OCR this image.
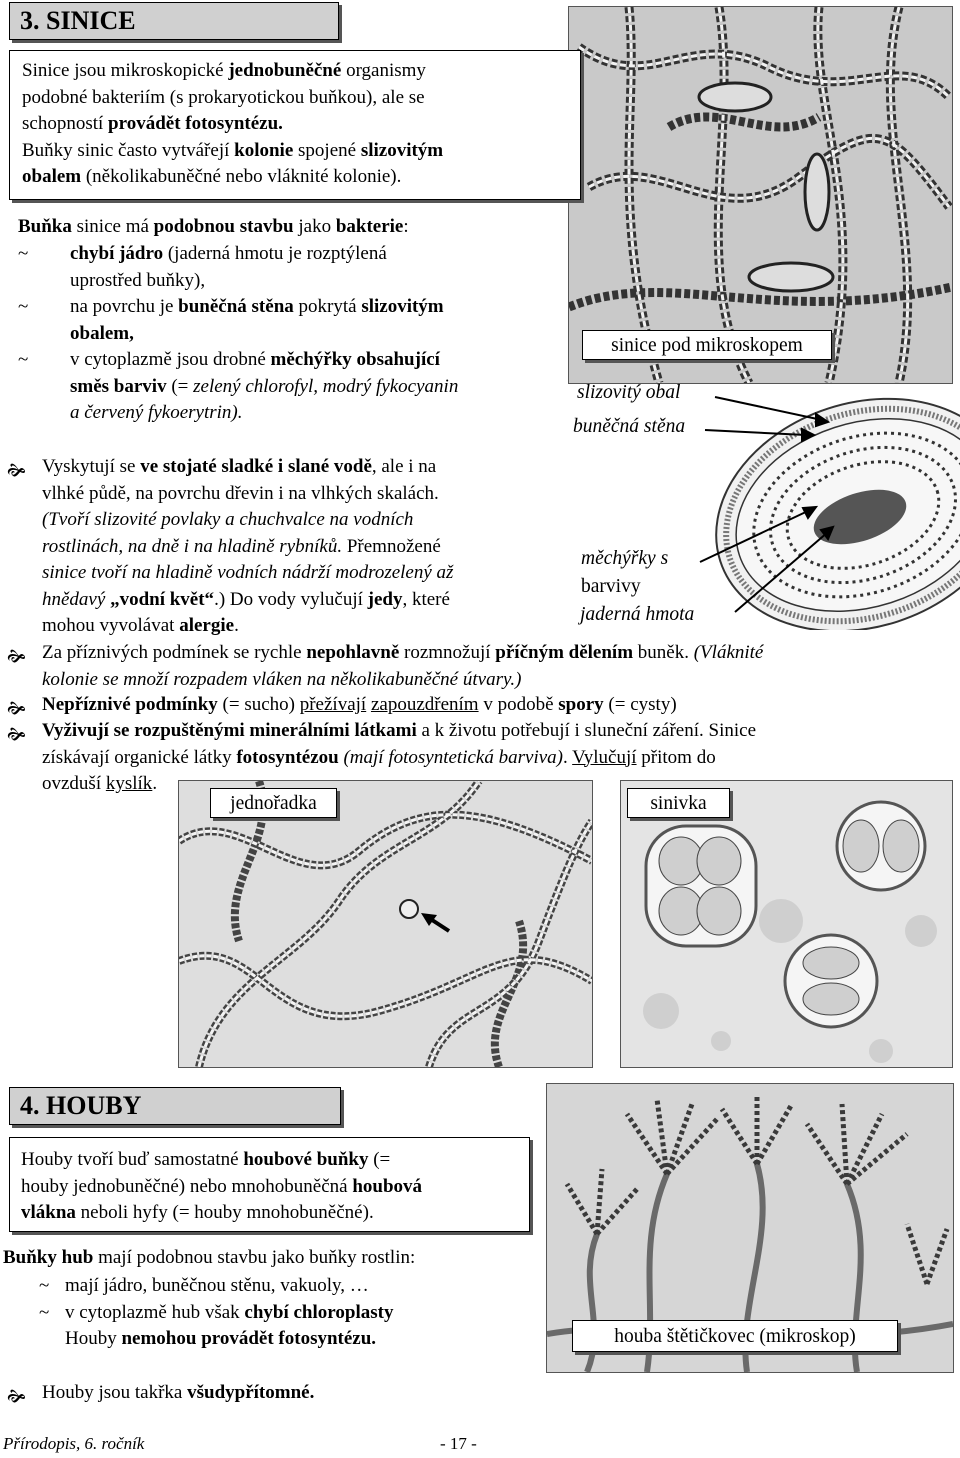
3. SINICE

Sinice jsou mikroskopické jednobuněčné organismy

podobné bakteriím (s prokaryotickou buňkou), ale se

schopností provádět fotosyntézu.

Buňky sinic často vytvářejí kolonie spojené slizovitým

obalem (několikabuněčné nebo vláknité kolonie).

Buňka sinice má podobnou stavbu jako bakterie:

~ chybí jádro (jaderná hmotu je rozptýlená

uprostřed buňky),

~ na povrchu je buněčná stěna pokrytá slizovitým

obalem,

~ v cytoplazmě jsou drobné měchýřky obsahující

směs barviv (= zelený chlorofyl, modrý fykocyanin

a červený fykoerytrin).

sinice pod mikroskopem
slizovitý obal
buněčná stěna
měchýřky s
barvivy
jaderná hmota
🙞 Vyskytují se ve stojaté sladké i slané vodě, ale i na

vlhké půdě, na povrchu dřevin i na vlhkých skalách.

(Tvoří slizovité povlaky a chuchvalce na vodních

rostlinách, na dně i na hladině rybníků. Přemnožené

sinice tvoří na hladině vodních nádrží modrozelený až

hnědavý „vodní květ“.) Do vody vylučují jedy, které

mohou vyvolávat alergie.
🙞 Za příznivých podmínek se rychle nepohlavně rozmnožují příčným dělením buněk. (Vláknité

kolonie se množí rozpadem vláken na několikabuněčné útvary.)

🙞 Nepříznivé podmínky (= sucho) přežívají zapouzdřením v podobě spory (= cysty)
🙞 Vyživují se rozpuštěnými minerálními látkami a k životu potřebují i sluneční záření. Sinice

získávají organické látky fotosyntézou (mají fotosyntetická barviva). Vylučují přitom do

ovzduší kyslík.

jednořadka	sinivka
4. HOUBY

Houby tvoří buď samostatné houbové buňky (=

houby jednobuněčné) nebo mnohobuněčná houbová

vlákna neboli hyfy (= houby mnohobuněčné).

Buňky hub mají podobnou stavbu jako buňky rostlin:

~ mají jádro, buněčnou stěnu, vakuoly, …

~ v cytoplazmě hub však chybí chloroplasty

Houby nemohou provádět fotosyntézu.	houba štětičkovec (mikroskop)
🙞 Houby jsou takřka všudypřítomné.
Přírodopis, 6. ročník	- 17 -
